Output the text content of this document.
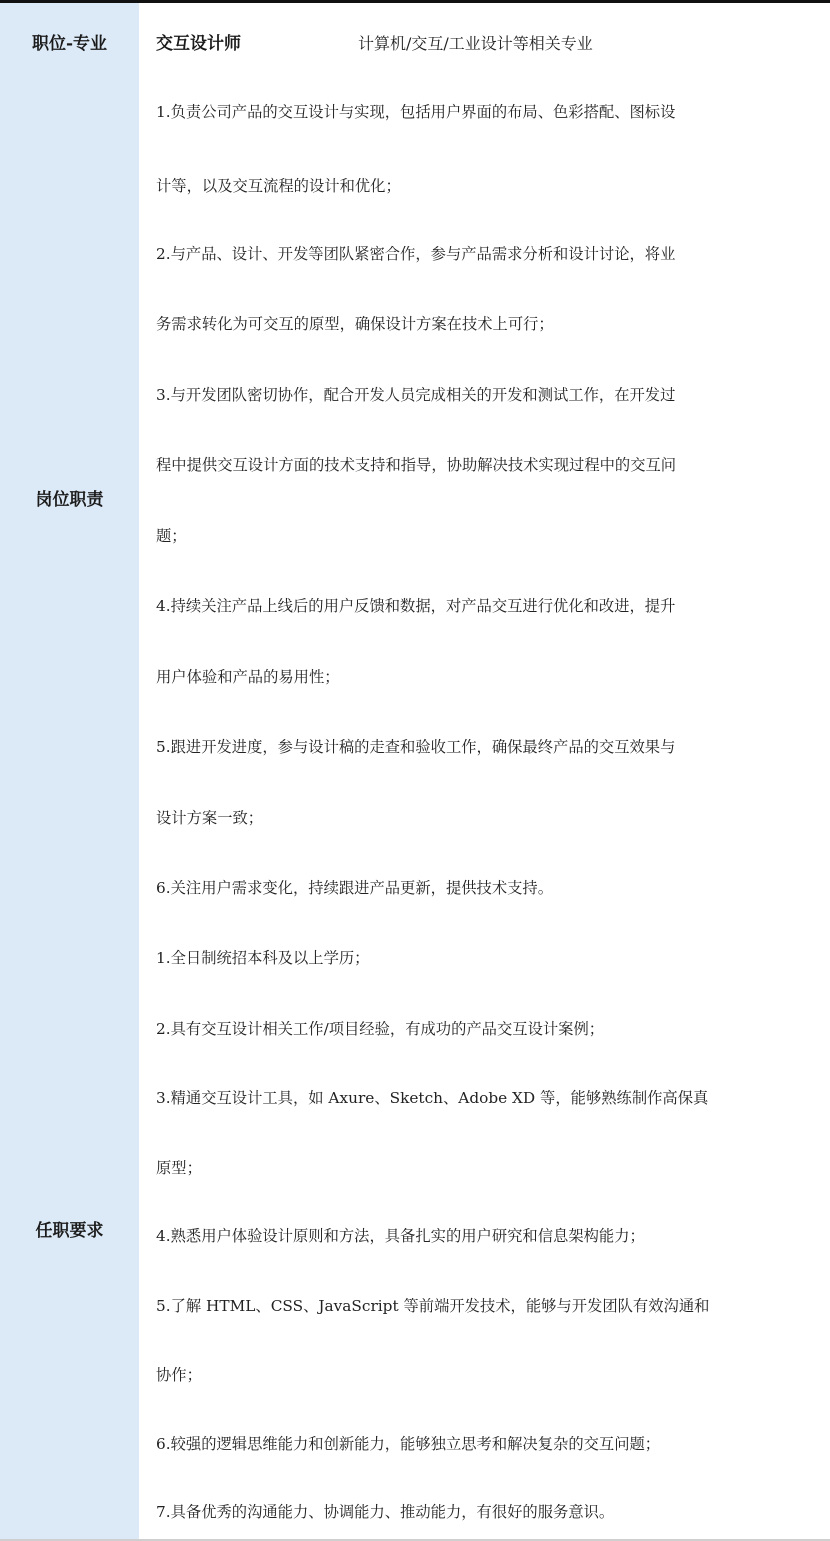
职位-专业	交互设计师	计算机/交互/工业设计等相关专业
岗位职责
1.负责公司产品的交互设计与实现，包括用户界面的布局、色彩搭配、图标设
计等，以及交互流程的设计和优化；
2.与产品、设计、开发等团队紧密合作，参与产品需求分析和设计讨论，将业
务需求转化为可交互的原型，确保设计方案在技术上可行；
3.与开发团队密切协作，配合开发人员完成相关的开发和测试工作，在开发过
程中提供交互设计方面的技术支持和指导，协助解决技术实现过程中的交互问
题；
4.持续关注产品上线后的用户反馈和数据，对产品交互进行优化和改进，提升
用户体验和产品的易用性；
5.跟进开发进度，参与设计稿的走查和验收工作，确保最终产品的交互效果与
设计方案一致；
6.关注用户需求变化，持续跟进产品更新，提供技术支持。
任职要求
1.全日制统招本科及以上学历；
2.具有交互设计相关工作/项目经验，有成功的产品交互设计案例；
3.精通交互设计工具，如 Axure、Sketch、Adobe XD 等，能够熟练制作高保真
原型；
4.熟悉用户体验设计原则和方法，具备扎实的用户研究和信息架构能力；
5.了解 HTML、CSS、JavaScript 等前端开发技术，能够与开发团队有效沟通和
协作；
6.较强的逻辑思维能力和创新能力，能够独立思考和解决复杂的交互问题；
7.具备优秀的沟通能力、协调能力、推动能力，有很好的服务意识。
